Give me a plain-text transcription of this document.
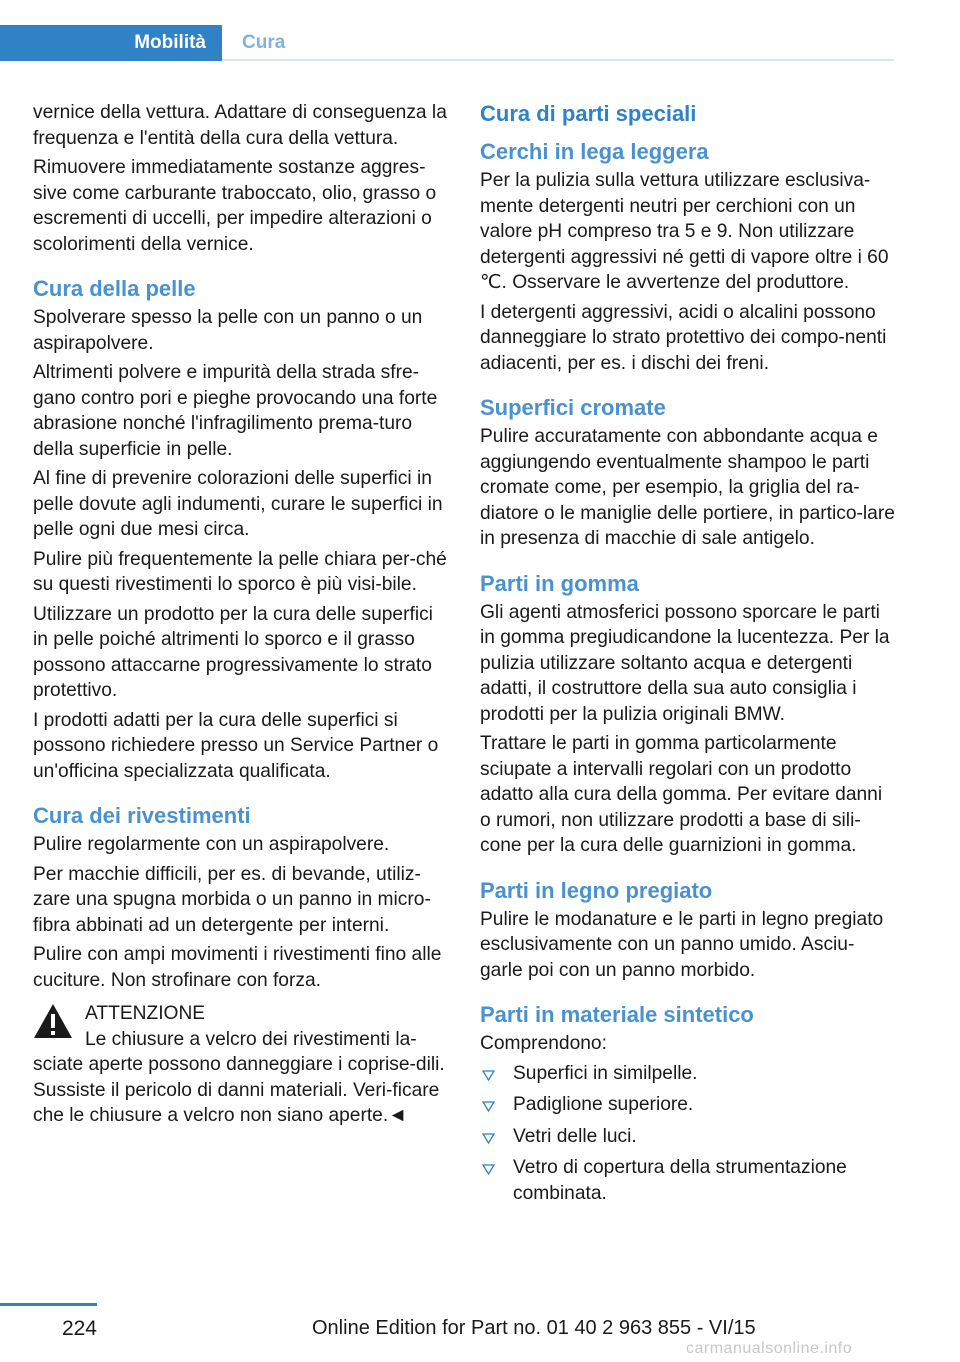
Mobilità	Cura

vernice della vettura. Adattare di conseguenza la frequenza e l'entità della cura della vettura.

Rimuovere immediatamente sostanze aggres-sive come carburante traboccato, olio, grasso o escrementi di uccelli, per impedire alterazioni o scolorimenti della vernice.

Cura della pelle

Spolverare spesso la pelle con un panno o un aspirapolvere.

Altrimenti polvere e impurità della strada sfre-gano contro pori e pieghe provocando una forte abrasione nonché l'infragilimento prema-turo della superficie in pelle.

Al fine di prevenire colorazioni delle superfici in pelle dovute agli indumenti, curare le superfici in pelle ogni due mesi circa.

Pulire più frequentemente la pelle chiara per-ché su questi rivestimenti lo sporco è più visi-bile.

Utilizzare un prodotto per la cura delle superfici in pelle poiché altrimenti lo sporco e il grasso possono attaccarne progressivamente lo strato protettivo.

I prodotti adatti per la cura delle superfici si possono richiedere presso un Service Partner o un'officina specializzata qualificata.

Cura dei rivestimenti

Pulire regolarmente con un aspirapolvere.

Per macchie difficili, per es. di bevande, utiliz-zare una spugna morbida o un panno in micro-fibra abbinati ad un detergente per interni.

Pulire con ampi movimenti i rivestimenti fino alle cuciture. Non strofinare con forza.

ATTENZIONE

Le chiusure a velcro dei rivestimenti la-

sciate aperte possono danneggiare i coprise-dili. Sussiste il pericolo di danni materiali. Veri-ficare che le chiusure a velcro non siano aperte.◄

Cura di parti speciali
Cerchi in lega leggera

Per la pulizia sulla vettura utilizzare esclusiva-mente detergenti neutri per cerchioni con un valore pH compreso tra 5 e 9. Non utilizzare detergenti aggressivi né getti di vapore oltre i 60 ℃. Osservare le avvertenze del produttore.

I detergenti aggressivi, acidi o alcalini possono danneggiare lo strato protettivo dei compo-nenti adiacenti, per es. i dischi dei freni.

Superfici cromate

Pulire accuratamente con abbondante acqua e aggiungendo eventualmente shampoo le parti cromate come, per esempio, la griglia del ra-diatore o le maniglie delle portiere, in partico-lare in presenza di macchie di sale antigelo.

Parti in gomma

Gli agenti atmosferici possono sporcare le parti in gomma pregiudicandone la lucentezza. Per la pulizia utilizzare soltanto acqua e detergenti adatti, il costruttore della sua auto consiglia i prodotti per la pulizia originali BMW.

Trattare le parti in gomma particolarmente sciupate a intervalli regolari con un prodotto adatto alla cura della gomma. Per evitare danni o rumori, non utilizzare prodotti a base di sili-cone per la cura delle guarnizioni in gomma.

Parti in legno pregiato

Pulire le modanature e le parti in legno pregiato esclusivamente con un panno umido. Asciu-garle poi con un panno morbido.

Parti in materiale sintetico

Comprendono:

Superfici in similpelle.
Padiglione superiore.
Vetri delle luci.
Vetro di copertura della strumentazione combinata.
224	Online Edition for Part no. 01 40 2 963 855 - VI/15
carmanualsonline.info
